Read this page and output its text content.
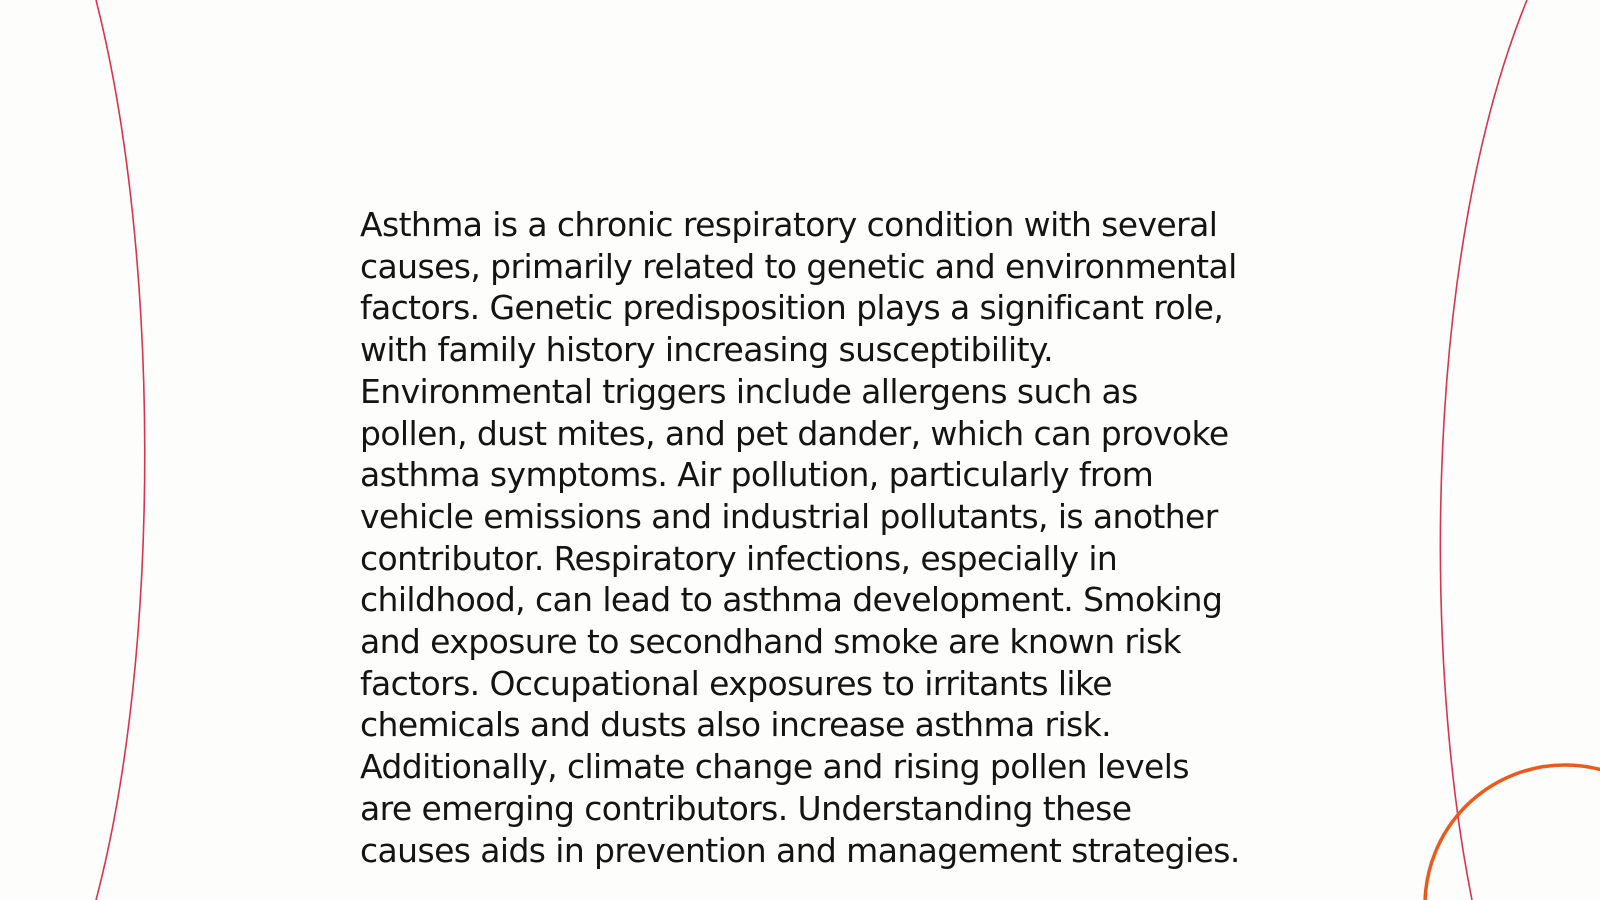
Asthma is a chronic respiratory condition with several causes, primarily related to genetic and environmental factors. Genetic predisposition plays a significant role, with family history increasing susceptibility. Environmental triggers include allergens such as pollen, dust mites, and pet dander, which can provoke asthma symptoms. Air pollution, particularly from vehicle emissions and industrial pollutants, is another contributor. Respiratory infections, especially in childhood, can lead to asthma development. Smoking and exposure to secondhand smoke are known risk factors. Occupational exposures to irritants like chemicals and dusts also increase asthma risk. Additionally, climate change and rising pollen levels are emerging contributors. Understanding these causes aids in prevention and management strategies.
